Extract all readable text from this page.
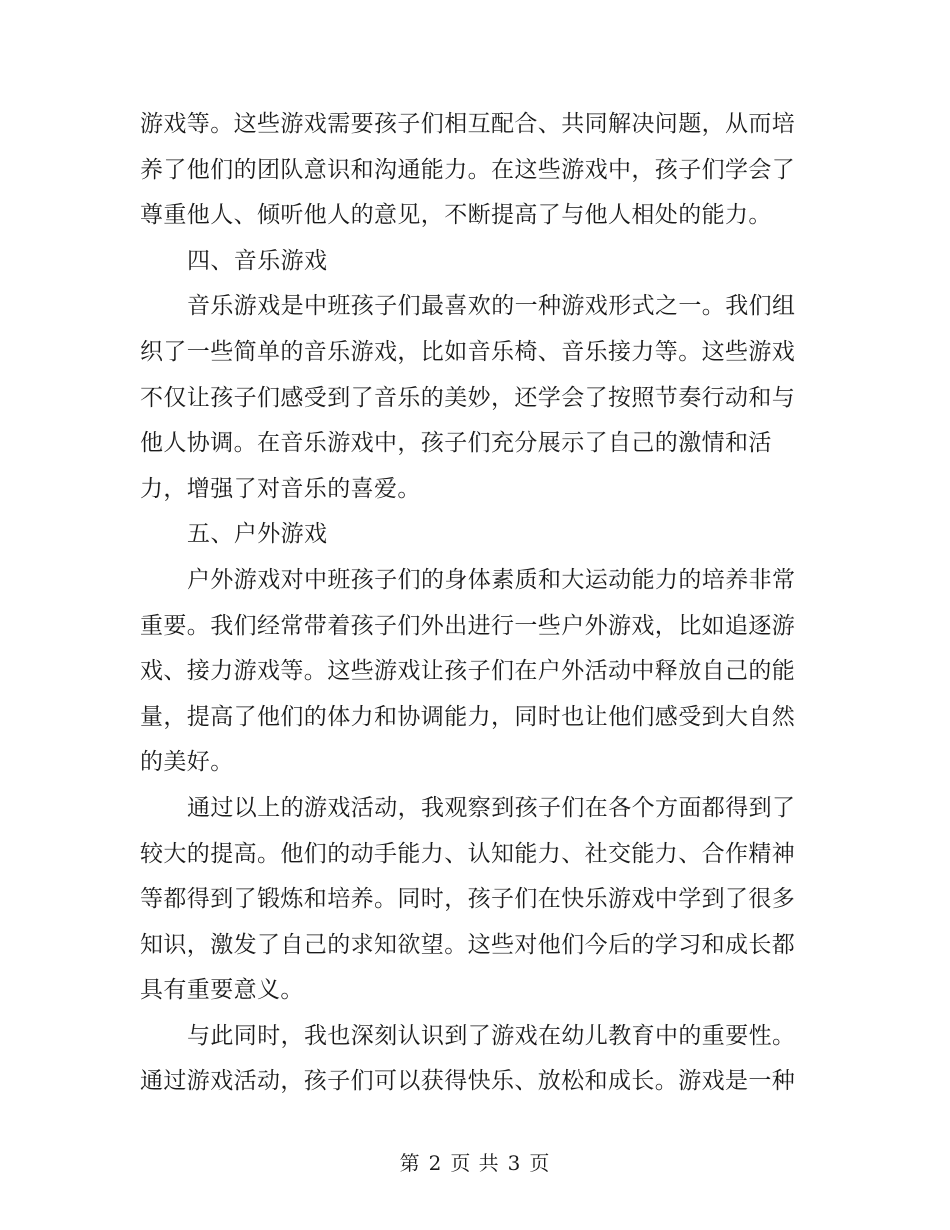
游戏等。这些游戏需要孩子们相互配合、共同解决问题，从而培
养了他们的团队意识和沟通能力。在这些游戏中，孩子们学会了
尊重他人、倾听他人的意见，不断提高了与他人相处的能力。
四、音乐游戏
音乐游戏是中班孩子们最喜欢的一种游戏形式之一。我们组
织了一些简单的音乐游戏，比如音乐椅、音乐接力等。这些游戏
不仅让孩子们感受到了音乐的美妙，还学会了按照节奏行动和与
他人协调。在音乐游戏中，孩子们充分展示了自己的激情和活
力，增强了对音乐的喜爱。
五、户外游戏
户外游戏对中班孩子们的身体素质和大运动能力的培养非常
重要。我们经常带着孩子们外出进行一些户外游戏，比如追逐游
戏、接力游戏等。这些游戏让孩子们在户外活动中释放自己的能
量，提高了他们的体力和协调能力，同时也让他们感受到大自然
的美好。
通过以上的游戏活动，我观察到孩子们在各个方面都得到了
较大的提高。他们的动手能力、认知能力、社交能力、合作精神
等都得到了锻炼和培养。同时，孩子们在快乐游戏中学到了很多
知识，激发了自己的求知欲望。这些对他们今后的学习和成长都
具有重要意义。
与此同时，我也深刻认识到了游戏在幼儿教育中的重要性。
通过游戏活动，孩子们可以获得快乐、放松和成长。游戏是一种
第 2 页 共 3 页
